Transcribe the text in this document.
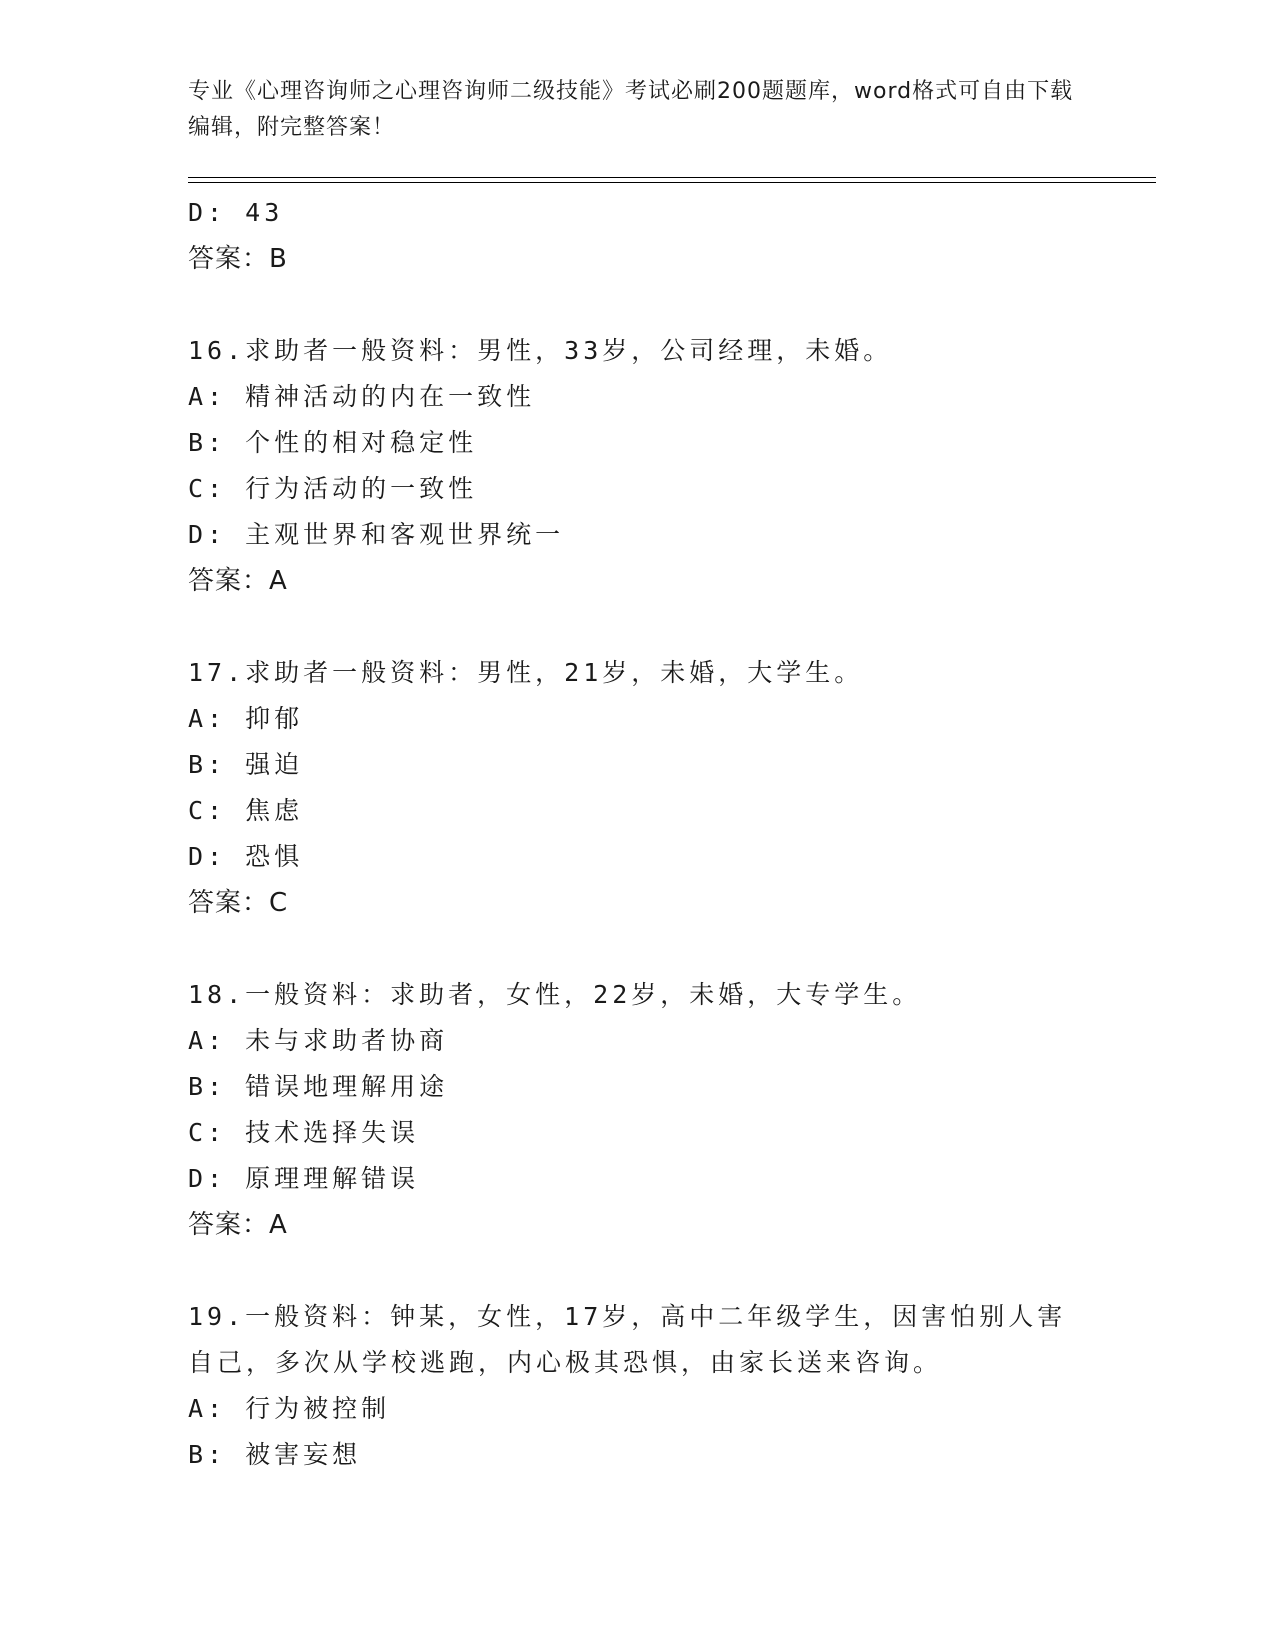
专业《心理咨询师之心理咨询师二级技能》考试必刷200题题库，word格式可自由下载编辑，附完整答案！
D: 43
答案：B
16.求助者一般资料：男性，33岁，公司经理，未婚。
A: 精神活动的内在一致性
B: 个性的相对稳定性
C: 行为活动的一致性
D: 主观世界和客观世界统一
答案：A
17.求助者一般资料：男性，21岁，未婚，大学生。
A: 抑郁
B: 强迫
C: 焦虑
D: 恐惧
答案：C
18.一般资料：求助者，女性，22岁，未婚，大专学生。
A: 未与求助者协商
B: 错误地理解用途
C: 技术选择失误
D: 原理理解错误
答案：A
19.一般资料：钟某，女性，17岁，高中二年级学生，因害怕别人害自己，多次从学校逃跑，内心极其恐惧，由家长送来咨询。
A: 行为被控制
B: 被害妄想
